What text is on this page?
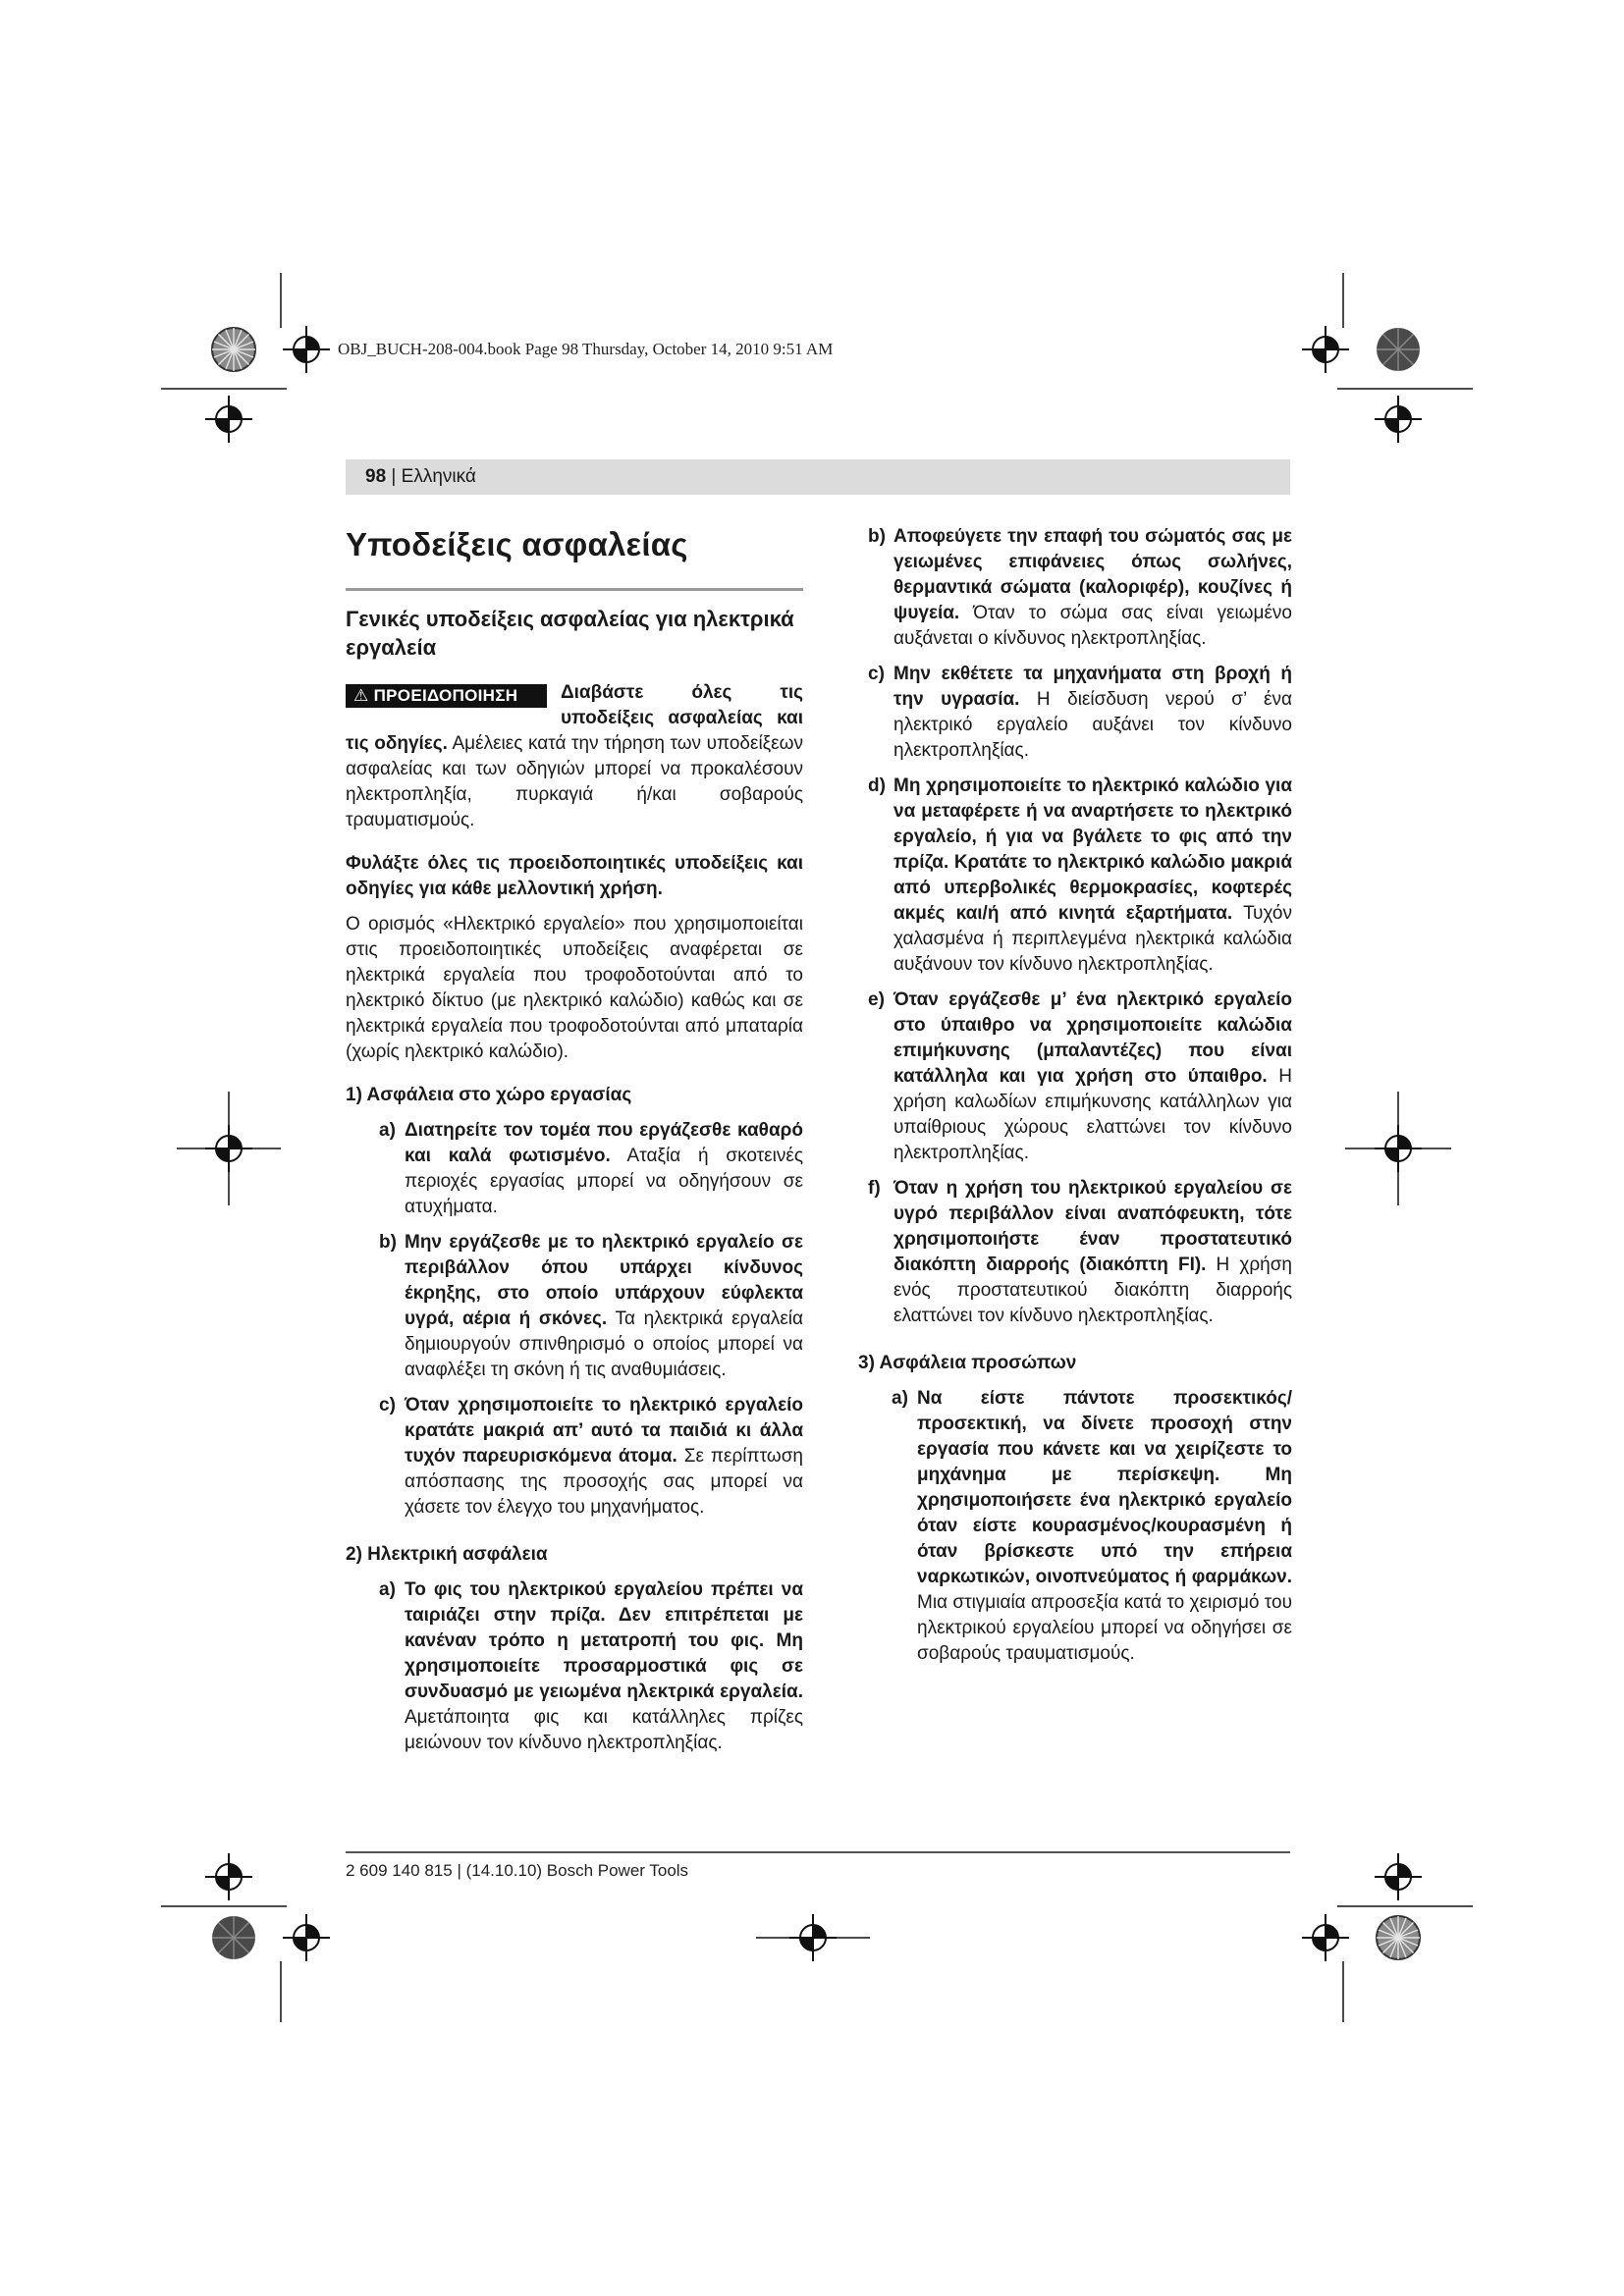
OBJ_BUCH-208-004.book Page 98 Thursday, October 14, 2010 9:51 AM
98 | Ελληνικά
Υποδείξεις ασφαλείας
Γενικές υποδείξεις ασφαλείας για ηλεκτρικά εργαλεία
⚠ ΠΡΟΕΙΔΟΠΟΙΗΣΗ	Διαβάστε όλες τις υποδείξεις ασφαλείας και τις οδηγίες. Αμέλειες κατά την τήρηση των υποδείξεων ασφαλείας και των οδηγιών μπορεί να προκαλέσουν ηλεκτροπληξία, πυρκαγιά ή/και σοβαρούς τραυματισμούς.

Φυλάξτε όλες τις προειδοποιητικές υποδείξεις και οδηγίες για κάθε μελλοντική χρήση.

Ο ορισμός «Ηλεκτρικό εργαλείο» που χρησιμοποιείται στις προειδοποιητικές υποδείξεις αναφέρεται σε ηλεκτρικά εργαλεία που τροφοδοτούνται από το ηλεκτρικό δίκτυο (με ηλεκτρικό καλώδιο) καθώς και σε ηλεκτρικά εργαλεία που τροφοδοτούνται από μπαταρία (χωρίς ηλεκτρικό καλώδιο).

1) Ασφάλεια στο χώρο εργασίας
a) Διατηρείτε τον τομέα που εργάζεσθε καθαρό και καλά φωτισμένο. Αταξία ή σκοτεινές περιοχές εργασίας μπορεί να οδηγήσουν σε ατυχήματα.
b) Μην εργάζεσθε με το ηλεκτρικό εργαλείο σε περιβάλλον όπου υπάρχει κίνδυνος έκρηξης, στο οποίο υπάρχουν εύφλεκτα υγρά, αέρια ή σκόνες. Τα ηλεκτρικά εργαλεία δημιουργούν σπινθηρισμό ο οποίος μπορεί να αναφλέξει τη σκόνη ή τις αναθυμιάσεις.
c) Όταν χρησιμοποιείτε το ηλεκτρικό εργαλείο κρατάτε μακριά απ’ αυτό τα παιδιά κι άλλα τυχόν παρευρισκόμενα άτομα. Σε περίπτωση απόσπασης της προσοχής σας μπορεί να χάσετε τον έλεγχο του μηχανήματος.
2) Ηλεκτρική ασφάλεια
a) Το φις του ηλεκτρικού εργαλείου πρέπει να ταιριάζει στην πρίζα. Δεν επιτρέπεται με κανέναν τρόπο η μετατροπή του φις. Μη χρησιμοποιείτε προσαρμοστικά φις σε συνδυασμό με γειωμένα ηλεκτρικά εργαλεία. Αμετάποιητα φις και κατάλληλες πρίζες μειώνουν τον κίνδυνο ηλεκτροπληξίας.
b) Αποφεύγετε την επαφή του σώματός σας με γειωμένες επιφάνειες όπως σωλήνες, θερμαντικά σώματα (καλοριφέρ), κουζίνες ή ψυγεία. Όταν το σώμα σας είναι γειωμένο αυξάνεται ο κίνδυνος ηλεκτροπληξίας.
c) Μην εκθέτετε τα μηχανήματα στη βροχή ή την υγρασία. Η διείσδυση νερού σ’ ένα ηλεκτρικό εργαλείο αυξάνει τον κίνδυνο ηλεκτροπληξίας.
d) Μη χρησιμοποιείτε το ηλεκτρικό καλώδιο για να μεταφέρετε ή να αναρτήσετε το ηλεκτρικό εργαλείο, ή για να βγάλετε το φις από την πρίζα. Κρατάτε το ηλεκτρικό καλώδιο μακριά από υπερβολικές θερμοκρασίες, κοφτερές ακμές και/ή από κινητά εξαρτήματα. Τυχόν χαλασμένα ή περιπλεγμένα ηλεκτρικά καλώδια αυξάνουν τον κίνδυνο ηλεκτροπληξίας.
e) Όταν εργάζεσθε μ’ ένα ηλεκτρικό εργαλείο στο ύπαιθρο να χρησιμοποιείτε καλώδια επιμήκυνσης (μπαλαντέζες) που είναι κατάλληλα και για χρήση στο ύπαιθρο. Η χρήση καλωδίων επιμήκυνσης κατάλληλων για υπαίθριους χώρους ελαττώνει τον κίνδυνο ηλεκτροπληξίας.
f) Όταν η χρήση του ηλεκτρικού εργαλείου σε υγρό περιβάλλον είναι αναπόφευκτη, τότε χρησιμοποιήστε έναν προστατευτικό διακόπτη διαρροής (διακόπτη FI). Η χρήση ενός προστατευτικού διακόπτη διαρροής ελαττώνει τον κίνδυνο ηλεκτροπληξίας.
3) Ασφάλεια προσώπων
a) Να είστε πάντοτε προσεκτικός/προσεκτική, να δίνετε προσοχή στην εργασία που κάνετε και να χειρίζεστε το μηχάνημα με περίσκεψη. Μη χρησιμοποιήσετε ένα ηλεκτρικό εργαλείο όταν είστε κουρασμένος/κουρασμένη ή όταν βρίσκεστε υπό την επήρεια ναρκωτικών, οινοπνεύματος ή φαρμάκων. Μια στιγμιαία απροσεξία κατά το χειρισμό του ηλεκτρικού εργαλείου μπορεί να οδηγήσει σε σοβαρούς τραυματισμούς.
2 609 140 815 | (14.10.10) Bosch Power Tools
